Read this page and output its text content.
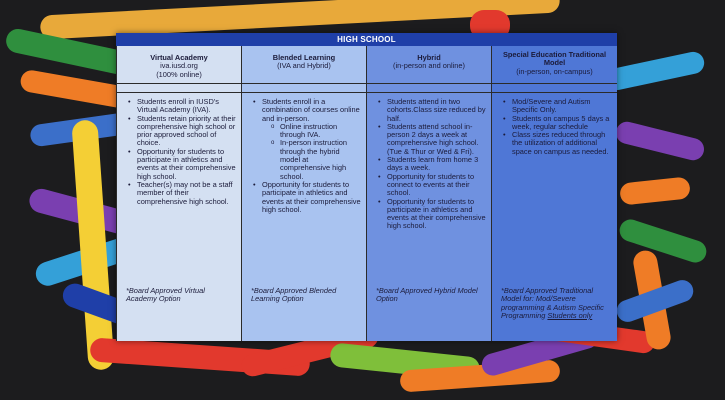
HIGH SCHOOL
Virtual Academy
iva.iusd.org
(100% online)
• Students enroll in IUSD's Virtual Academy (IVA).
• Students retain priority at their comprehensive high school or prior approved school of choice.
• Opportunity for students to participate in athletics and events at their comprehensive high school.
• Teacher(s) may not be a staff member of their comprehensive high school.
*Board Approved Virtual Academy Option
Blended Learning
(IVA and Hybrid)
• Students enroll in a combination of courses online and in-person.
o Online instruction through IVA.
o In-person instruction through the hybrid model at comprehensive high school.
• Opportunity for students to participate in athletics and events at their comprehensive high school.
*Board Approved Blended Learning Option
Hybrid
(in-person and online)
• Students attend in two cohorts.Class size reduced by half.
• Students attend school in-person 2 days a week at comprehensive high school. (Tue & Thur or Wed & Fri).
• Students learn from home 3 days a week.
• Opportunity for students to connect to events at their school.
• Opportunity for students to participate in athletics and events at their comprehensive high school.
*Board Approved Hybrid Model Option
Special Education Traditional Model
(in-person, on-campus)
• Mod/Severe and Autism Specific Only.
• Students on campus 5 days a week, regular schedule
• Class sizes reduced through the utilization of additional space on campus as needed.
*Board Approved Traditional Model for: Mod/Severe programming & Autism Specific Programming Students only
